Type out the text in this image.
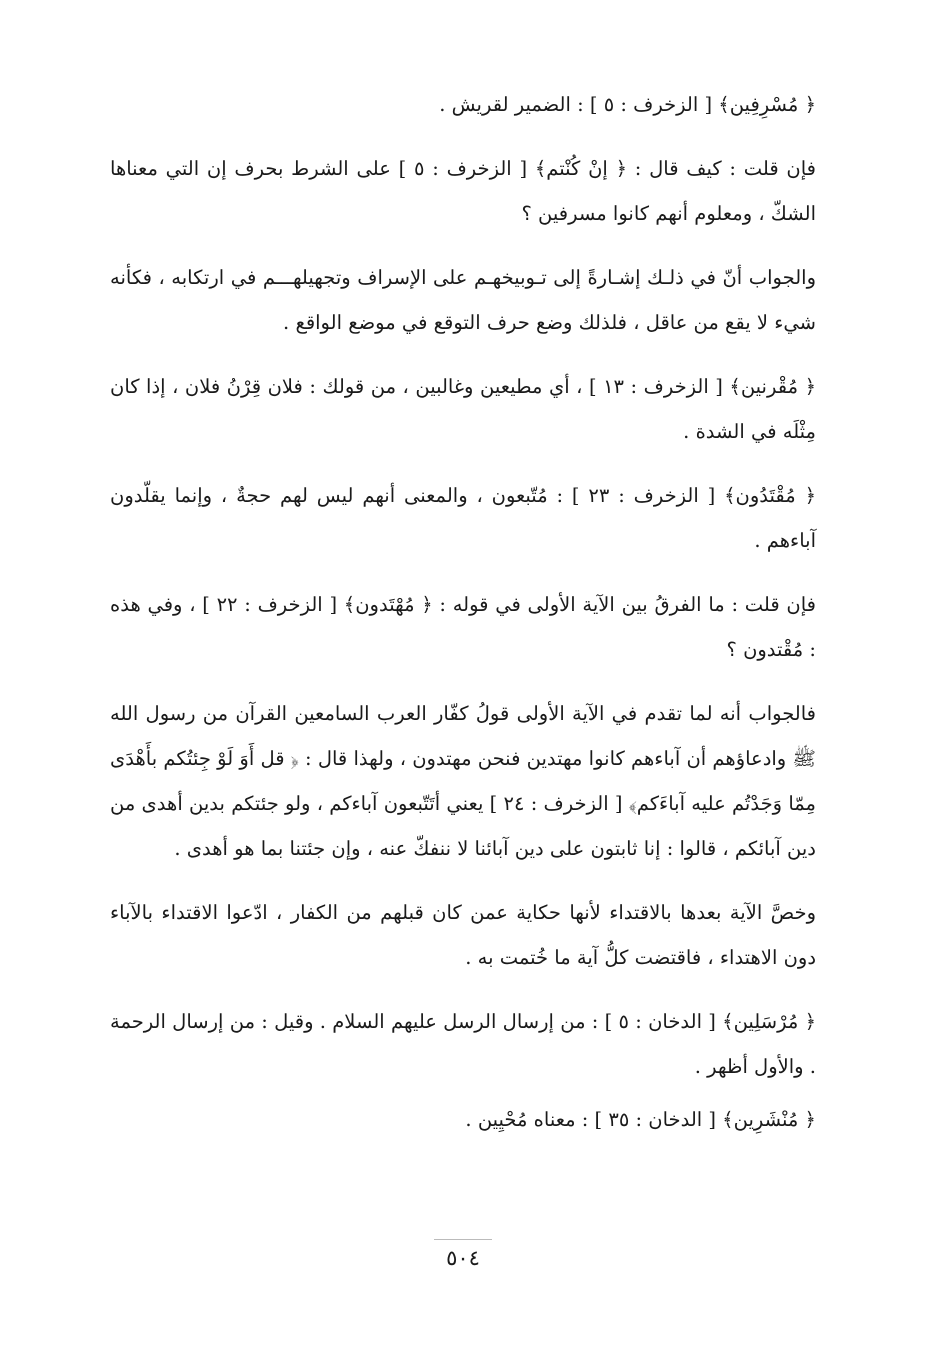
﴿ مُسْرِفِين﴾ [ الزخرف : ٥ ] : الضمير لقريش .

فإن قلت : كيف قال : ﴿ إنْ كُنْتم﴾ [ الزخرف : ٥ ] على الشرط بحرف إن التي معناها الشكّ ، ومعلوم أنهم كانوا مسرفين ؟

والجواب أنّ في ذلـك إشـارةً إلى تـوبيخهـم على الإسراف وتجهيلهـــم في ارتكابه ، فكأنه شيء لا يقع من عاقل ، فلذلك وضع حرف التوقع في موضع الواقع .

﴿ مُقْرنين﴾ [ الزخرف : ١٣ ] ، أي مطيعين وغالبين ، من قولك : فلان قِرْنُ فلان ، إذا كان مِثْلَه في الشدة .

﴿ مُقْتَدُون﴾ [ الزخرف : ٢٣ ] : مُتّبعون ، والمعنى أنهم ليس لهم حجةٌ ، وإنما يقلّدون آباءهم .

فإن قلت : ما الفرقُ بين الآية الأولى في قوله : ﴿ مُهْتَدون﴾ [ الزخرف : ٢٢ ] ، وفي هذه : مُقْتدون ؟

فالجواب أنه لما تقدم في الآية الأولى قولُ كفّار العرب السامعين القرآن من رسول الله ﷺ وادعاؤهم أن آباءهم كانوا مهتدين فنحن مهتدون ، ولهذا قال : ﴿ قل أَوَ لَوْ جِئتُكم بأَهْدَى مِمّا وَجَدْتُم عليه آباءَكم﴾ [ الزخرف : ٢٤ ] يعني أتَتّبعون آباءكم ، ولو جئتكم بدين أهدى من دين آبائكم ، قالوا : إنا ثابتون على دين آبائنا لا ننفكّ عنه ، وإن جئتنا بما هو أهدى .

وخصَّ الآية بعدها بالاقتداء لأنها حكاية عمن كان قبلهم من الكفار ، ادّعوا الاقتداء بالآباء دون الاهتداء ، فاقتضت كلُّ آية ما خُتمت به .

﴿ مُرْسَلِين﴾ [ الدخان : ٥ ] : من إرسال الرسل عليهم السلام . وقيل : من إرسال الرحمة . والأول أظهر .

﴿ مُنْشَرِين﴾ [ الدخان : ٣٥ ] : معناه مُحْيِين .

٥٠٤
